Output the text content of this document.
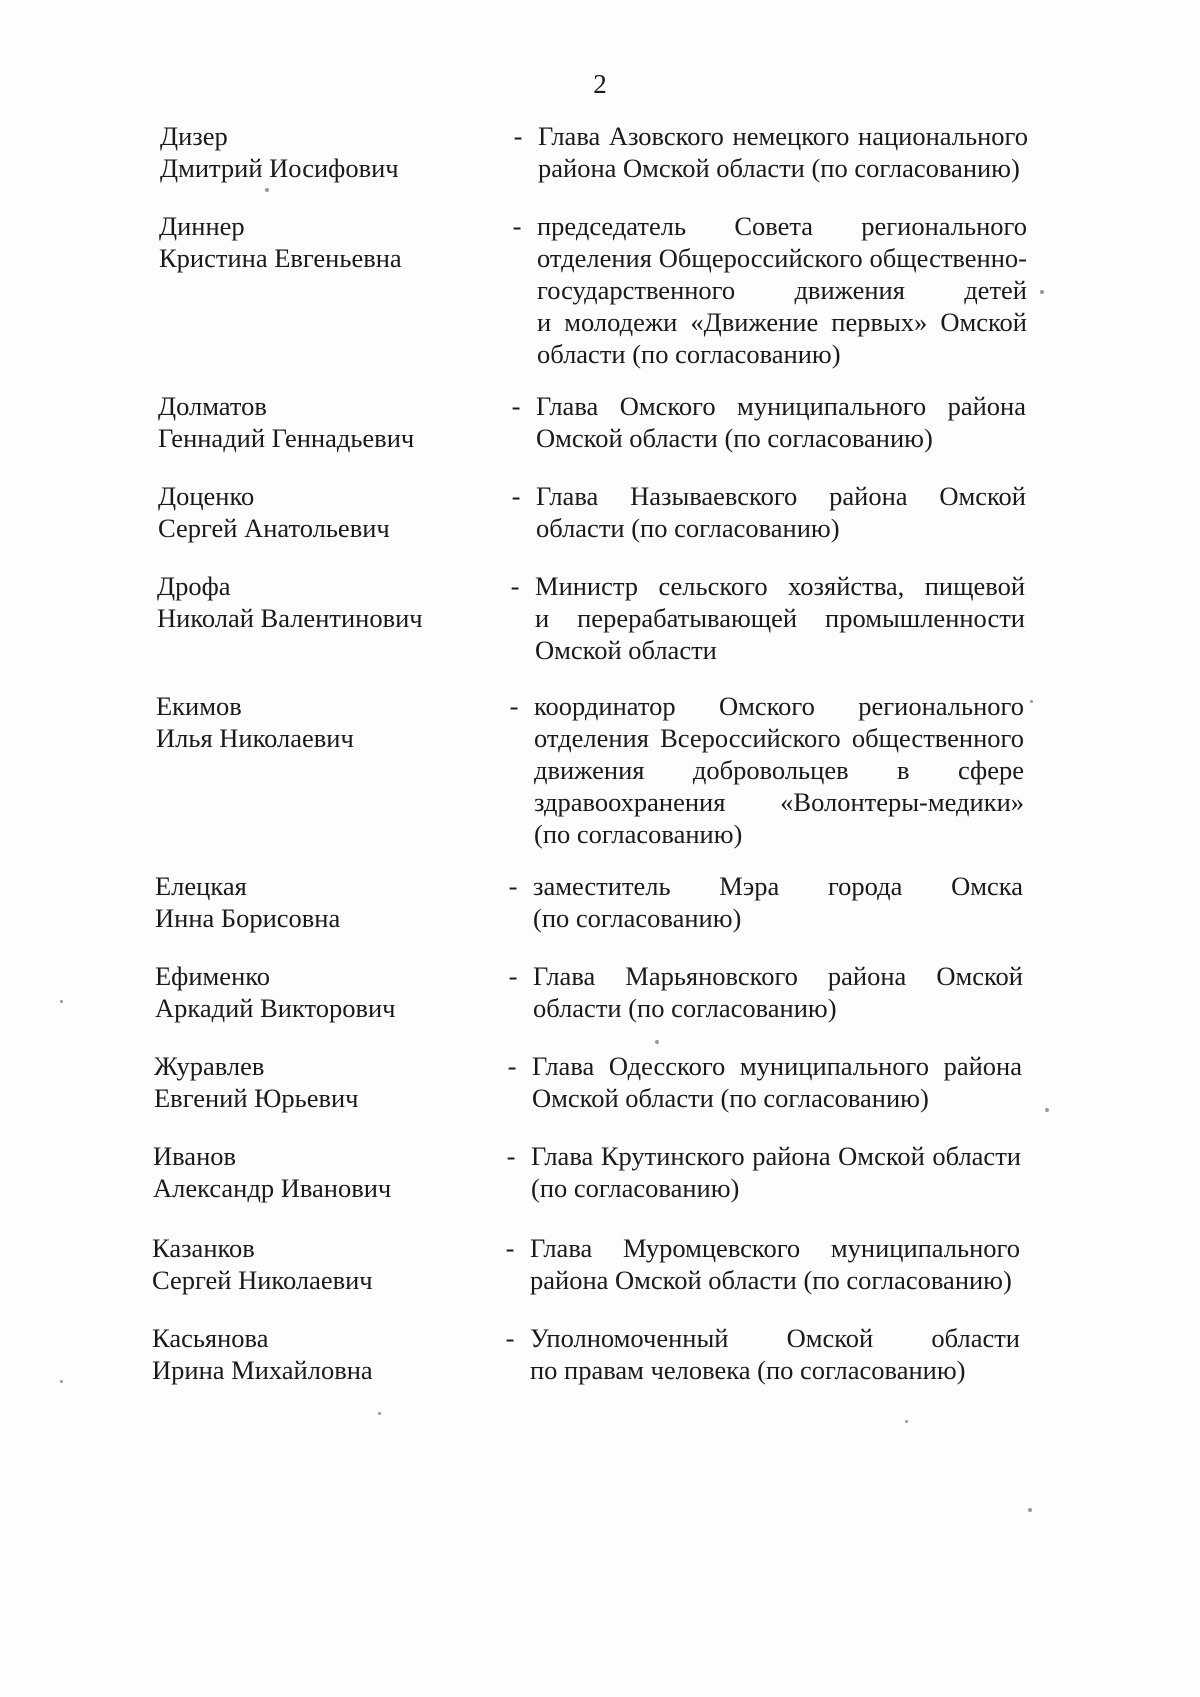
2
Дизер
Дмитрий Иосифович
- Глава Азовского немецкого национального
района Омской области (по согласованию)
Диннер
Кристина Евгеньевна
- председатель Совета регионального
отделения Общероссийского общественно-
государственного движения детей
и молодежи «Движение первых» Омской
области (по согласованию)
Долматов
Геннадий Геннадьевич
- Глава Омского муниципального района
Омской области (по согласованию)
Доценко
Сергей Анатольевич
- Глава Называевского района Омской
области (по согласованию)
Дрофа
Николай Валентинович
- Министр сельского хозяйства, пищевой
и перерабатывающей промышленности
Омской области
Екимов
Илья Николаевич
- координатор Омского регионального
отделения Всероссийского общественного
движения добровольцев в сфере
здравоохранения «Волонтеры-медики»
(по согласованию)
Елецкая
Инна Борисовна
- заместитель Мэра города Омска
(по согласованию)
Ефименко
Аркадий Викторович
- Глава Марьяновского района Омской
области (по согласованию)
Журавлев
Евгений Юрьевич
- Глава Одесского муниципального района
Омской области (по согласованию)
Иванов
Александр Иванович
- Глава Крутинского района Омской области
(по согласованию)
Казанков
Сергей Николаевич
- Глава Муромцевского муниципального
района Омской области (по согласованию)
Касьянова
Ирина Михайловна
- Уполномоченный Омской области
по правам человека (по согласованию)
